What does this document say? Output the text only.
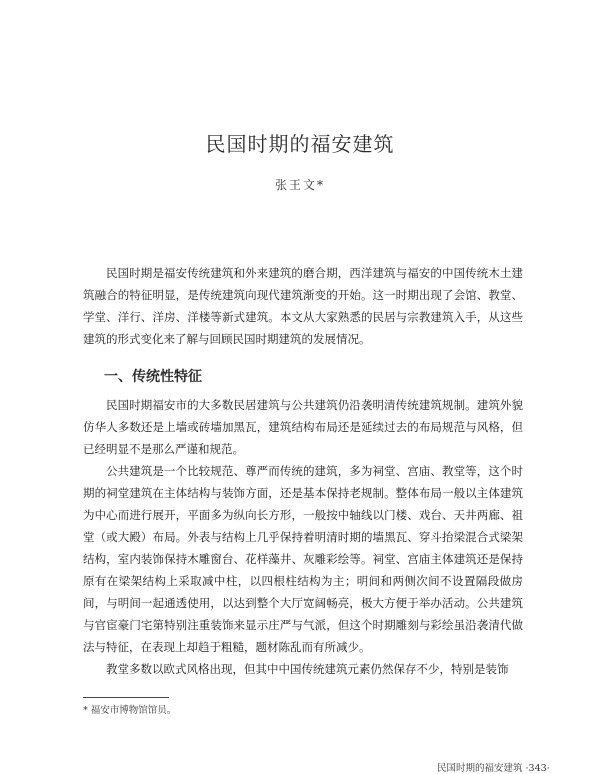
民国时期的福安建筑

张王文*

民国时期是福安传统建筑和外来建筑的磨合期，西洋建筑与福安的中国传统木土建筑融合的特征明显，是传统建筑向现代建筑渐变的开始。这一时期出现了会馆、教堂、学堂、洋行、洋房、洋楼等新式建筑。本文从大家熟悉的民居与宗教建筑入手，从这些建筑的形式变化来了解与回顾民国时期建筑的发展情况。

一、传统性特征

民国时期福安市的大多数民居建筑与公共建筑仍沿袭明清传统建筑规制。建筑外貌仿华人多数还是上墙或砖墙加黑瓦，建筑结构布局还是延续过去的布局规范与风格，但已经明显不是那么严谨和规范。

公共建筑是一个比较规范、尊严而传统的建筑，多为祠堂、宫庙、教堂等，这个时期的祠堂建筑在主体结构与装饰方面，还是基本保持老规制。整体布局一般以主体建筑为中心而进行展开，平面多为纵向长方形，一般按中轴线以门楼、戏台、天井两廊、祖堂（或大殿）布局。外表与结构上几乎保持着明清时期的墙黑瓦、穿斗抬梁混合式梁架结构，室内装饰保持木雕窗台、花样藻井、灰雕彩绘等。祠堂、宫庙主体建筑还是保持原有在梁架结构上采取减中柱，以四根柱结构为主；明间和两侧次间不设置隔段做房间，与明间一起通透使用，以达到整个大厅宽阔畅亮，极大方便于举办活动。公共建筑与官宦豪门宅第特别注重装饰来显示庄严与气派，但这个时期雕刻与彩绘虽沿袭清代做法与特征，在表现上却趋于粗糙，题材陈乱而有所减少。

教堂多数以欧式风格出现，但其中中国传统建筑元素仍然保存不少，特别是装饰

* 福安市博物馆馆员。

民国时期的福安建筑 ·343·
